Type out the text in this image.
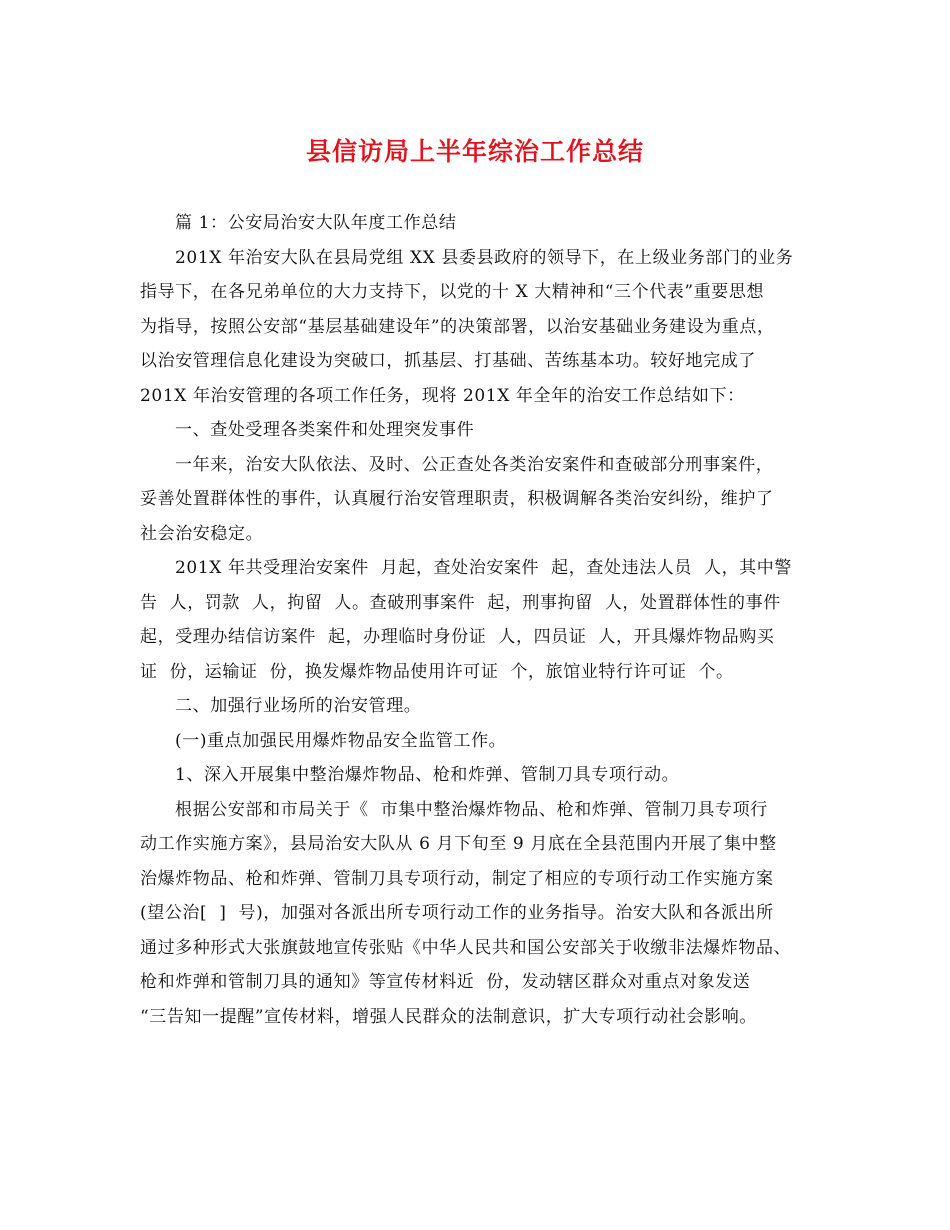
县信访局上半年综治工作总结
篇 1：公安局治安大队年度工作总结
201X 年治安大队在县局党组 XX 县委县政府的领导下，在上级业务部门的业务
指导下，在各兄弟单位的大力支持下，以党的十 X 大精神和“三个代表”重要思想
为指导，按照公安部“基层基础建设年”的决策部署，以治安基础业务建设为重点，
以治安管理信息化建设为突破口，抓基层、打基础、苦练基本功。较好地完成了
201X 年治安管理的各项工作任务，现将 201X 年全年的治安工作总结如下：
一、查处受理各类案件和处理突发事件
一年来，治安大队依法、及时、公正查处各类治安案件和查破部分刑事案件，
妥善处置群体性的事件，认真履行治安管理职责，积极调解各类治安纠纷，维护了
社会治安稳定。
201X 年共受理治安案件  月起，查处治安案件  起，查处违法人员  人，其中警
告  人，罚款  人，拘留  人。查破刑事案件  起，刑事拘留  人，处置群体性的事件
起，受理办结信访案件  起，办理临时身份证  人，四员证  人，开具爆炸物品购买
证  份，运输证  份，换发爆炸物品使用许可证  个，旅馆业特行许可证  个。
二、加强行业场所的治安管理。
(一)重点加强民用爆炸物品安全监管工作。
1、深入开展集中整治爆炸物品、枪和炸弹、管制刀具专项行动。
根据公安部和市局关于《  市集中整治爆炸物品、枪和炸弹、管制刀具专项行
动工作实施方案》，县局治安大队从 6 月下旬至 9 月底在全县范围内开展了集中整
治爆炸物品、枪和炸弹、管制刀具专项行动，制定了相应的专项行动工作实施方案
(望公治[  ]  号)，加强对各派出所专项行动工作的业务指导。治安大队和各派出所
通过多种形式大张旗鼓地宣传张贴《中华人民共和国公安部关于收缴非法爆炸物品、
枪和炸弹和管制刀具的通知》等宣传材料近  份，发动辖区群众对重点对象发送
“三告知一提醒”宣传材料，增强人民群众的法制意识，扩大专项行动社会影响。
